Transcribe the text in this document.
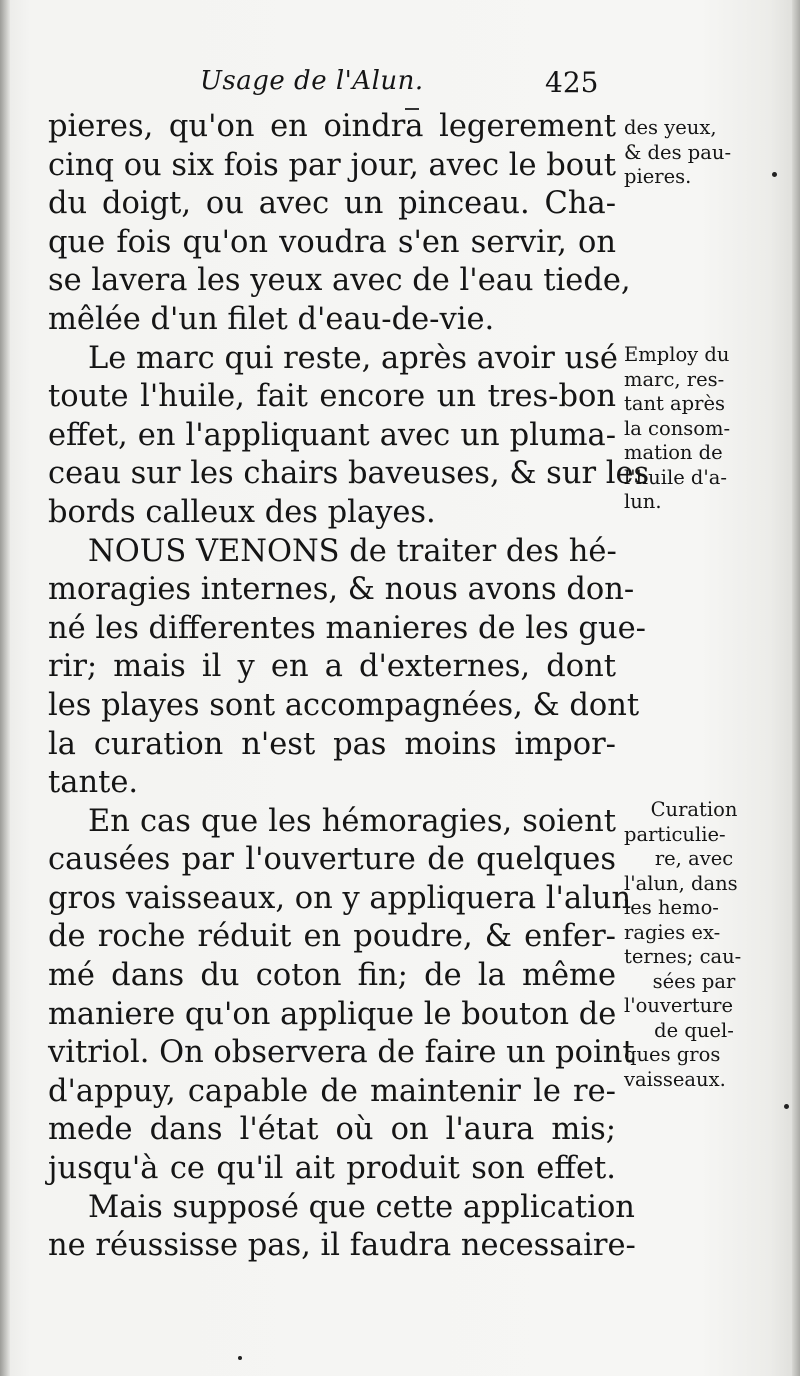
Usage de l'Alun.	425
pieres, qu'on en oindra legerement
cinq ou six fois par jour, avec le bout
du doigt, ou avec un pinceau. Cha-
que fois qu'on voudra s'en servir, on
se lavera les yeux avec de l'eau tiede,
mêlée d'un filet d'eau-de-vie.
Le marc qui reste, après avoir usé
toute l'huile, fait encore un tres-bon
effet, en l'appliquant avec un pluma-
ceau sur les chairs baveuses, & sur les
bords calleux des playes.
NOUS VENONS de traiter des hé-
moragies internes, & nous avons don-
né les differentes manieres de les gue-
rir; mais il y en a d'externes, dont
les playes sont accompagnées, & dont
la curation n'est pas moins impor-
tante.
En cas que les hémoragies, soient
causées par l'ouverture de quelques
gros vaisseaux, on y appliquera l'alun
de roche réduit en poudre, & enfer-
mé dans du coton fin; de la même
maniere qu'on applique le bouton de
vitriol. On observera de faire un point
d'appuy, capable de maintenir le re-
mede dans l'état où on l'aura mis;
jusqu'à ce qu'il ait produit son effet.
Mais supposé que cette application
ne réussisse pas, il faudra necessaire-
des yeux,
& des pau-
pieres.
Employ du
marc, res-
tant après
la consom-
mation de
l'huile d'a-
lun.
Curation
particulie-
re, avec
l'alun, dans
les hemo-
ragies ex-
ternes; cau-
sées par
l'ouverture
de quel-
ques gros
vaisseaux.
